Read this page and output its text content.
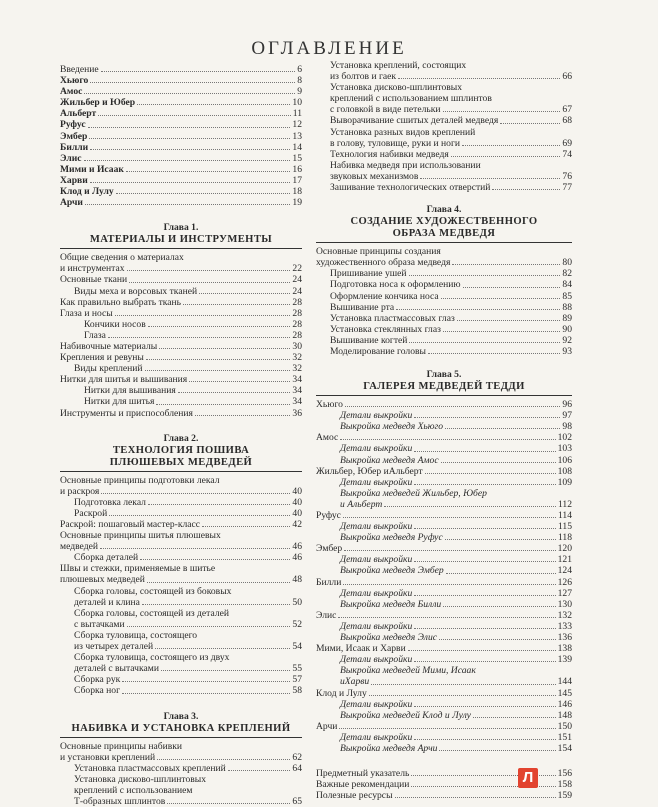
ОГЛАВЛЕНИЕ
Введение	6
Хьюго	8
Амос	9
Жильбер и Юбер	10
Альберт	11
Руфус	12
Эмбер	13
Билли	14
Элис	15
Мими и Исаак	16
Харви	17
Клод и Лулу	18
Арчи	19
Глава 1.
МАТЕРИАЛЫ И ИНСТРУМЕНТЫ
Общие сведения о материалах
и инструментах	22
Основные ткани	24
Виды меха и ворсовых тканей	24
Как правильно выбрать ткань	28
Глаза и носы	28
Кончики носов	28
Глаза	28
Набивочные материалы	30
Крепления и ревуны	32
Виды креплений	32
Нитки для шитья и вышивания	34
Нитки для вышивания	34
Нитки для шитья	34
Инструменты и приспособления	36
Глава 2.
ТЕХНОЛОГИЯ ПОШИВА
ПЛЮШЕВЫХ МЕДВЕДЕЙ
Основные принципы подготовки лекал
и раскроя	40
Подготовка лекал	40
Раскрой	40
Раскрой: пошаговый мастер-класс	42
Основные принципы шитья плюшевых
медведей	46
Сборка деталей	46
Швы и стежки, применяемые в шитье
плюшевых медведей	48
Сборка головы, состоящей из боковых
деталей и клина	50
Сборка головы, состоящей из деталей
с вытачками	52
Сборка туловища, состоящего
из четырех деталей	54
Сборка туловища, состоящего из двух
деталей с вытачками	55
Сборка рук	57
Сборка ног	58
Глава 3.
НАБИВКА И УСТАНОВКА КРЕПЛЕНИЙ
Основные принципы набивки
и установки креплений	62
Установка пластмассовых креплений	64
Установка дисково-шплинтовых
креплений с использованием
Т-образных шплинтов	65
Установка креплений, состоящих
из болтов и гаек	66
Установка дисково-шплинтовых
креплений с использованием шплинтов
с головкой в виде петельки	67
Выворачивание сшитых деталей медведя	68
Установка разных видов креплений
в голову, туловище, руки и ноги	69
Технология набивки медведя	74
Набивка медведя при использовании
звуковых механизмов	76
Зашивание технологических отверстий	77
Глава 4.
СОЗДАНИЕ ХУДОЖЕСТВЕННОГО
ОБРАЗА МЕДВЕДЯ
Основные принципы создания
художественного образа медведя	80
Пришивание ушей	82
Подготовка носа к оформлению	84
Оформление кончика носа	85
Вышивание рта	88
Установка пластмассовых глаз	89
Установка стеклянных глаз	90
Вышивание когтей	92
Моделирование головы	93
Глава 5.
ГАЛЕРЕЯ МЕДВЕДЕЙ ТЕДДИ
Хьюго	96
Детали выкройки	97
Выкройка медведя Хьюго	98
Амос	102
Детали выкройки	103
Выкройка медведя Амос	106
Жильбер, Юбер иАльберт	108
Детали выкройки	109
Выкройка медведей Жильбер, Юбер
и Альберт	112
Руфус	114
Детали выкройки	115
Выкройка медведя Руфус	118
Эмбер	120
Детали выкройки	121
Выкройка медведя Эмбер	124
Билли	126
Детали выкройки	127
Выкройка медведя Билли	130
Элис	132
Детали выкройки	133
Выкройка медведя Элис	136
Мими, Исаак и Харви	138
Детали выкройки	139
Выкройка медведей Мими, Исаак
иХарви	144
Клод и Лулу	145
Детали выкройки	146
Выкройка медведей Клод и Лулу	148
Арчи	150
Детали выкройки	151
Выкройка медведя Арчи	154
Предметный указатель	156
Важные рекомендации	158
Полезные ресурсы	159
Л
